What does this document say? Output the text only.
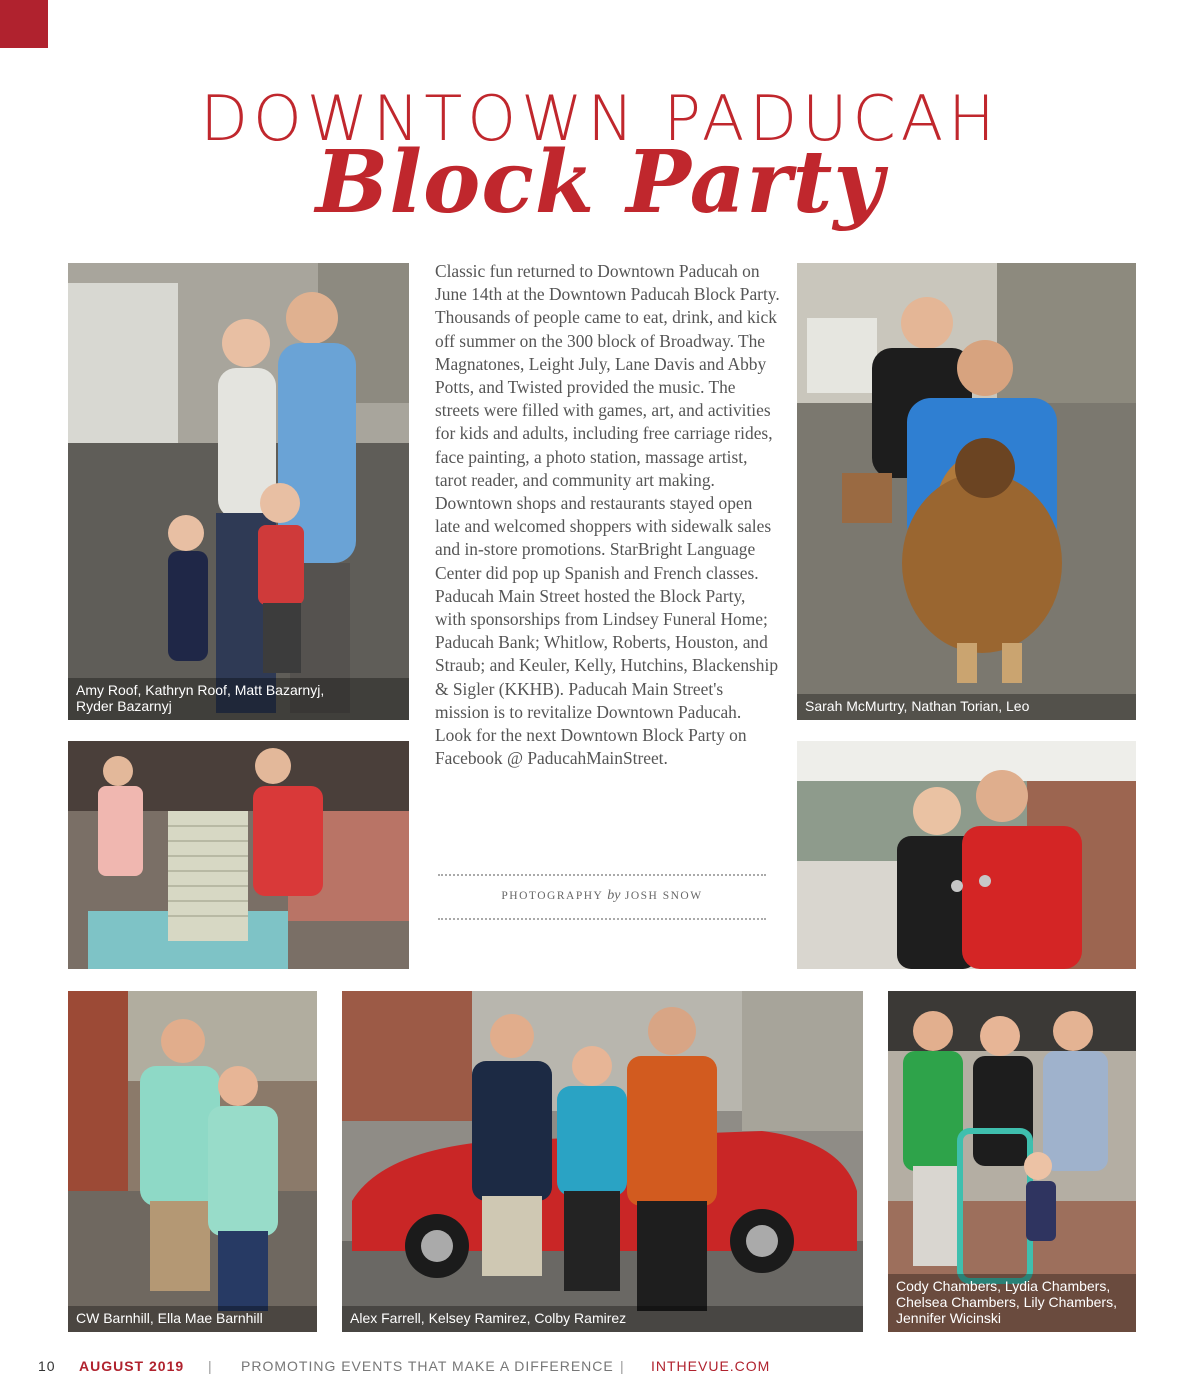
DOWNTOWN PADUCAH
Block Party
Amy Roof, Kathryn Roof, Matt Bazarnyj,
Ryder Bazarnyj	Sarah McMurtry, Nathan Torian, Leo
CW Barnhill, Ella Mae Barnhill	Alex Farrell, Kelsey Ramirez, Colby Ramirez
Cody Chambers, Lydia Chambers,
Chelsea Chambers, Lily Chambers,
Jennifer Wicinski

Classic fun returned to Downtown Paducah on June 14th at the Downtown Paducah Block Party. Thousands of people came to eat, drink, and kick off summer on the 300 block of Broadway. The Magnatones, Leight July, Lane Davis and Abby Potts, and Twisted provided the music. The streets were filled with games, art, and activities for kids and adults, including free carriage rides, face painting, a photo station, massage artist, tarot reader, and community art making. Downtown shops and restaurants stayed open late and welcomed shoppers with sidewalk sales and in-store promotions. StarBright Language Center did pop up Spanish and French classes. Paducah Main Street hosted the Block Party, with sponsorships from Lindsey Funeral Home; Paducah Bank; Whitlow, Roberts, Houston, and Straub; and Keuler, Kelly, Hutchins, Blackenship & Sigler (KKHB). Paducah Main Street's mission is to revitalize Downtown Paducah. Look for the next Downtown Block Party on Facebook @ PaducahMainStreet.

PHOTOGRAPHY by JOSH SNOW
10 AUGUST 2019 | PROMOTING EVENTS THAT MAKE A DIFFERENCE | INTHEVUE.COM
